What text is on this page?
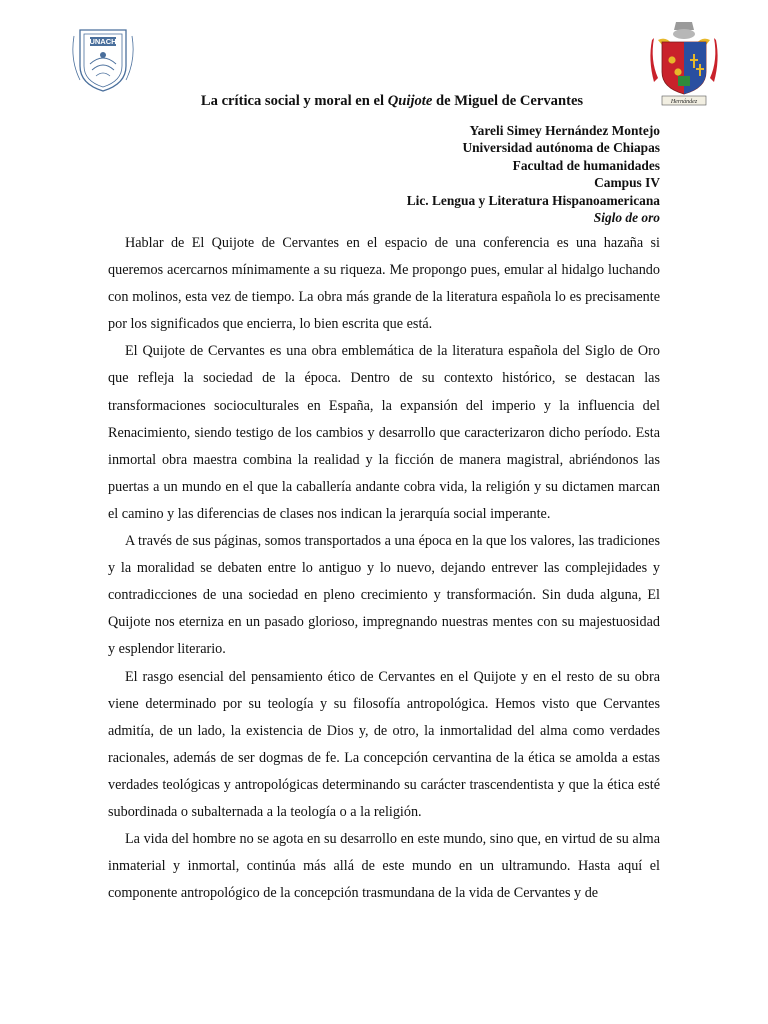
UNACH
Hernández
La crítica social y moral en el Quijote de Miguel de Cervantes
Yareli Simey Hernández Montejo
Universidad autónoma de Chiapas
Facultad de humanidades
Campus IV
Lic. Lengua y Literatura Hispanoamericana
Siglo de oro

Hablar de El Quijote de Cervantes en el espacio de una conferencia es una hazaña si queremos acercarnos mínimamente a su riqueza. Me propongo pues, emular al hidalgo luchando con molinos, esta vez de tiempo. La obra más grande de la literatura española lo es precisamente por los significados que encierra, lo bien escrita que está.

El Quijote de Cervantes es una obra emblemática de la literatura española del Siglo de Oro que refleja la sociedad de la época. Dentro de su contexto histórico, se destacan las transformaciones socioculturales en España, la expansión del imperio y la influencia del Renacimiento, siendo testigo de los cambios y desarrollo que caracterizaron dicho período. Esta inmortal obra maestra combina la realidad y la ficción de manera magistral, abriéndonos las puertas a un mundo en el que la caballería andante cobra vida, la religión y su dictamen marcan el camino y las diferencias de clases nos indican la jerarquía social imperante.

A través de sus páginas, somos transportados a una época en la que los valores, las tradiciones y la moralidad se debaten entre lo antiguo y lo nuevo, dejando entrever las complejidades y contradicciones de una sociedad en pleno crecimiento y transformación. Sin duda alguna, El Quijote nos eterniza en un pasado glorioso, impregnando nuestras mentes con su majestuosidad y esplendor literario.

El rasgo esencial del pensamiento ético de Cervantes en el Quijote y en el resto de su obra viene determinado por su teología y su filosofía antropológica. Hemos visto que Cervantes admitía, de un lado, la existencia de Dios y, de otro, la inmortalidad del alma como verdades racionales, además de ser dogmas de fe. La concepción cervantina de la ética se amolda a estas verdades teológicas y antropológicas determinando su carácter trascendentista y que la ética esté subordinada o subalternada a la teología o a la religión.

La vida del hombre no se agota en su desarrollo en este mundo, sino que, en virtud de su alma inmaterial y inmortal, continúa más allá de este mundo en un ultramundo. Hasta aquí el componente antropológico de la concepción trasmundana de la vida de Cervantes y de
